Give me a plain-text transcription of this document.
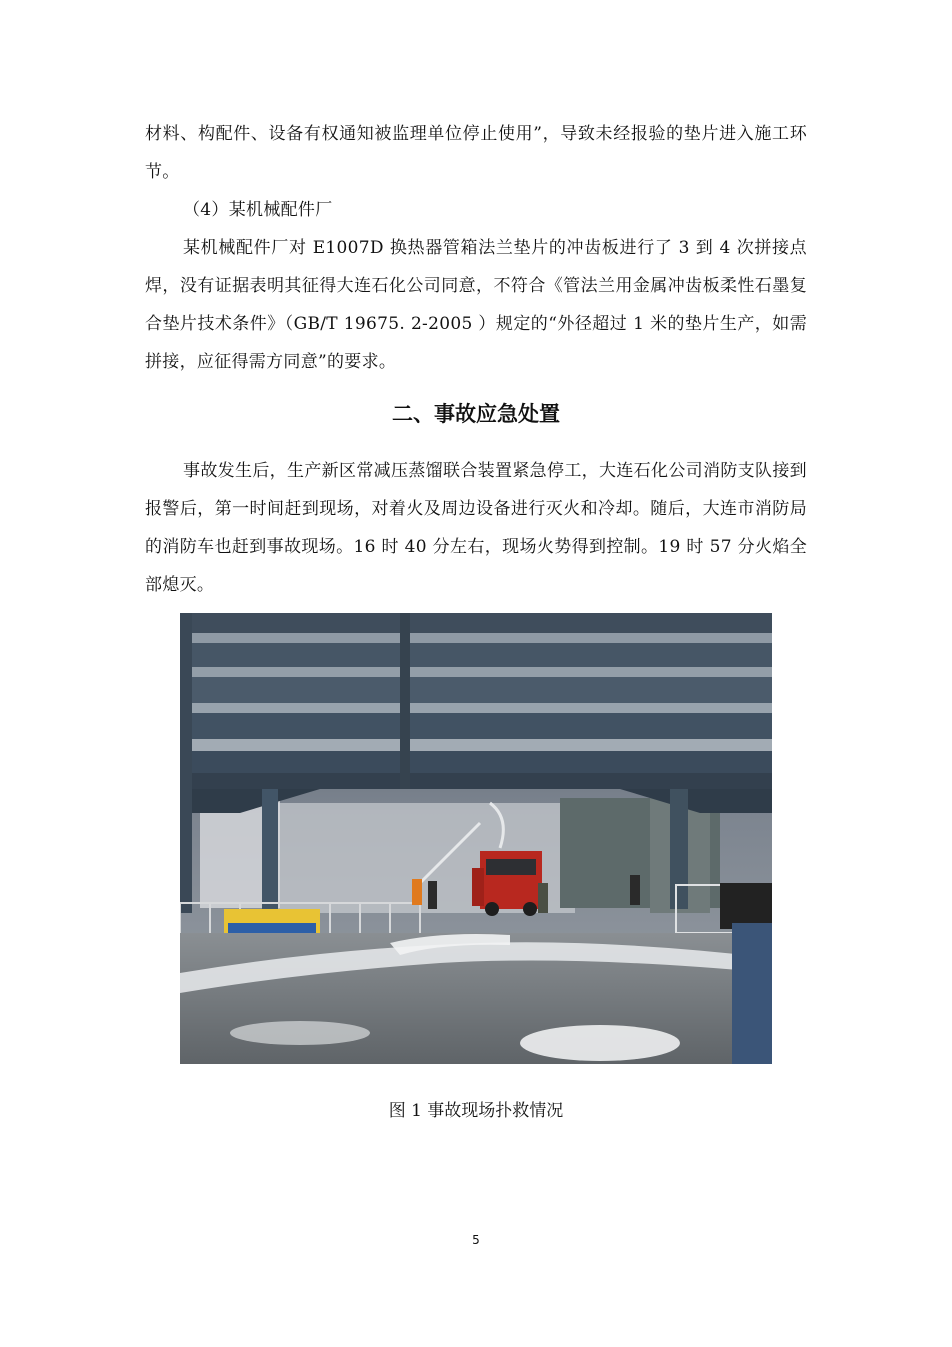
材料、构配件、设备有权通知被监理单位停止使用”，导致未经报验的垫片进入施工环节。

（4）某机械配件厂

某机械配件厂对 E1007D 换热器管箱法兰垫片的冲齿板进行了 3 到 4 次拼接点焊，没有证据表明其征得大连石化公司同意，不符合《管法兰用金属冲齿板柔性石墨复合垫片技术条件》（GB/T 19675. 2-2005 ）规定的“外径超过 1 米的垫片生产，如需拼接，应征得需方同意”的要求。

二、事故应急处置

事故发生后，生产新区常减压蒸馏联合装置紧急停工，大连石化公司消防支队接到报警后，第一时间赶到现场，对着火及周边设备进行灭火和冷却。随后，大连市消防局的消防车也赶到事故现场。16 时 40 分左右，现场火势得到控制。19 时 57 分火焰全部熄灭。

图 1 事故现场扑救情况

5
